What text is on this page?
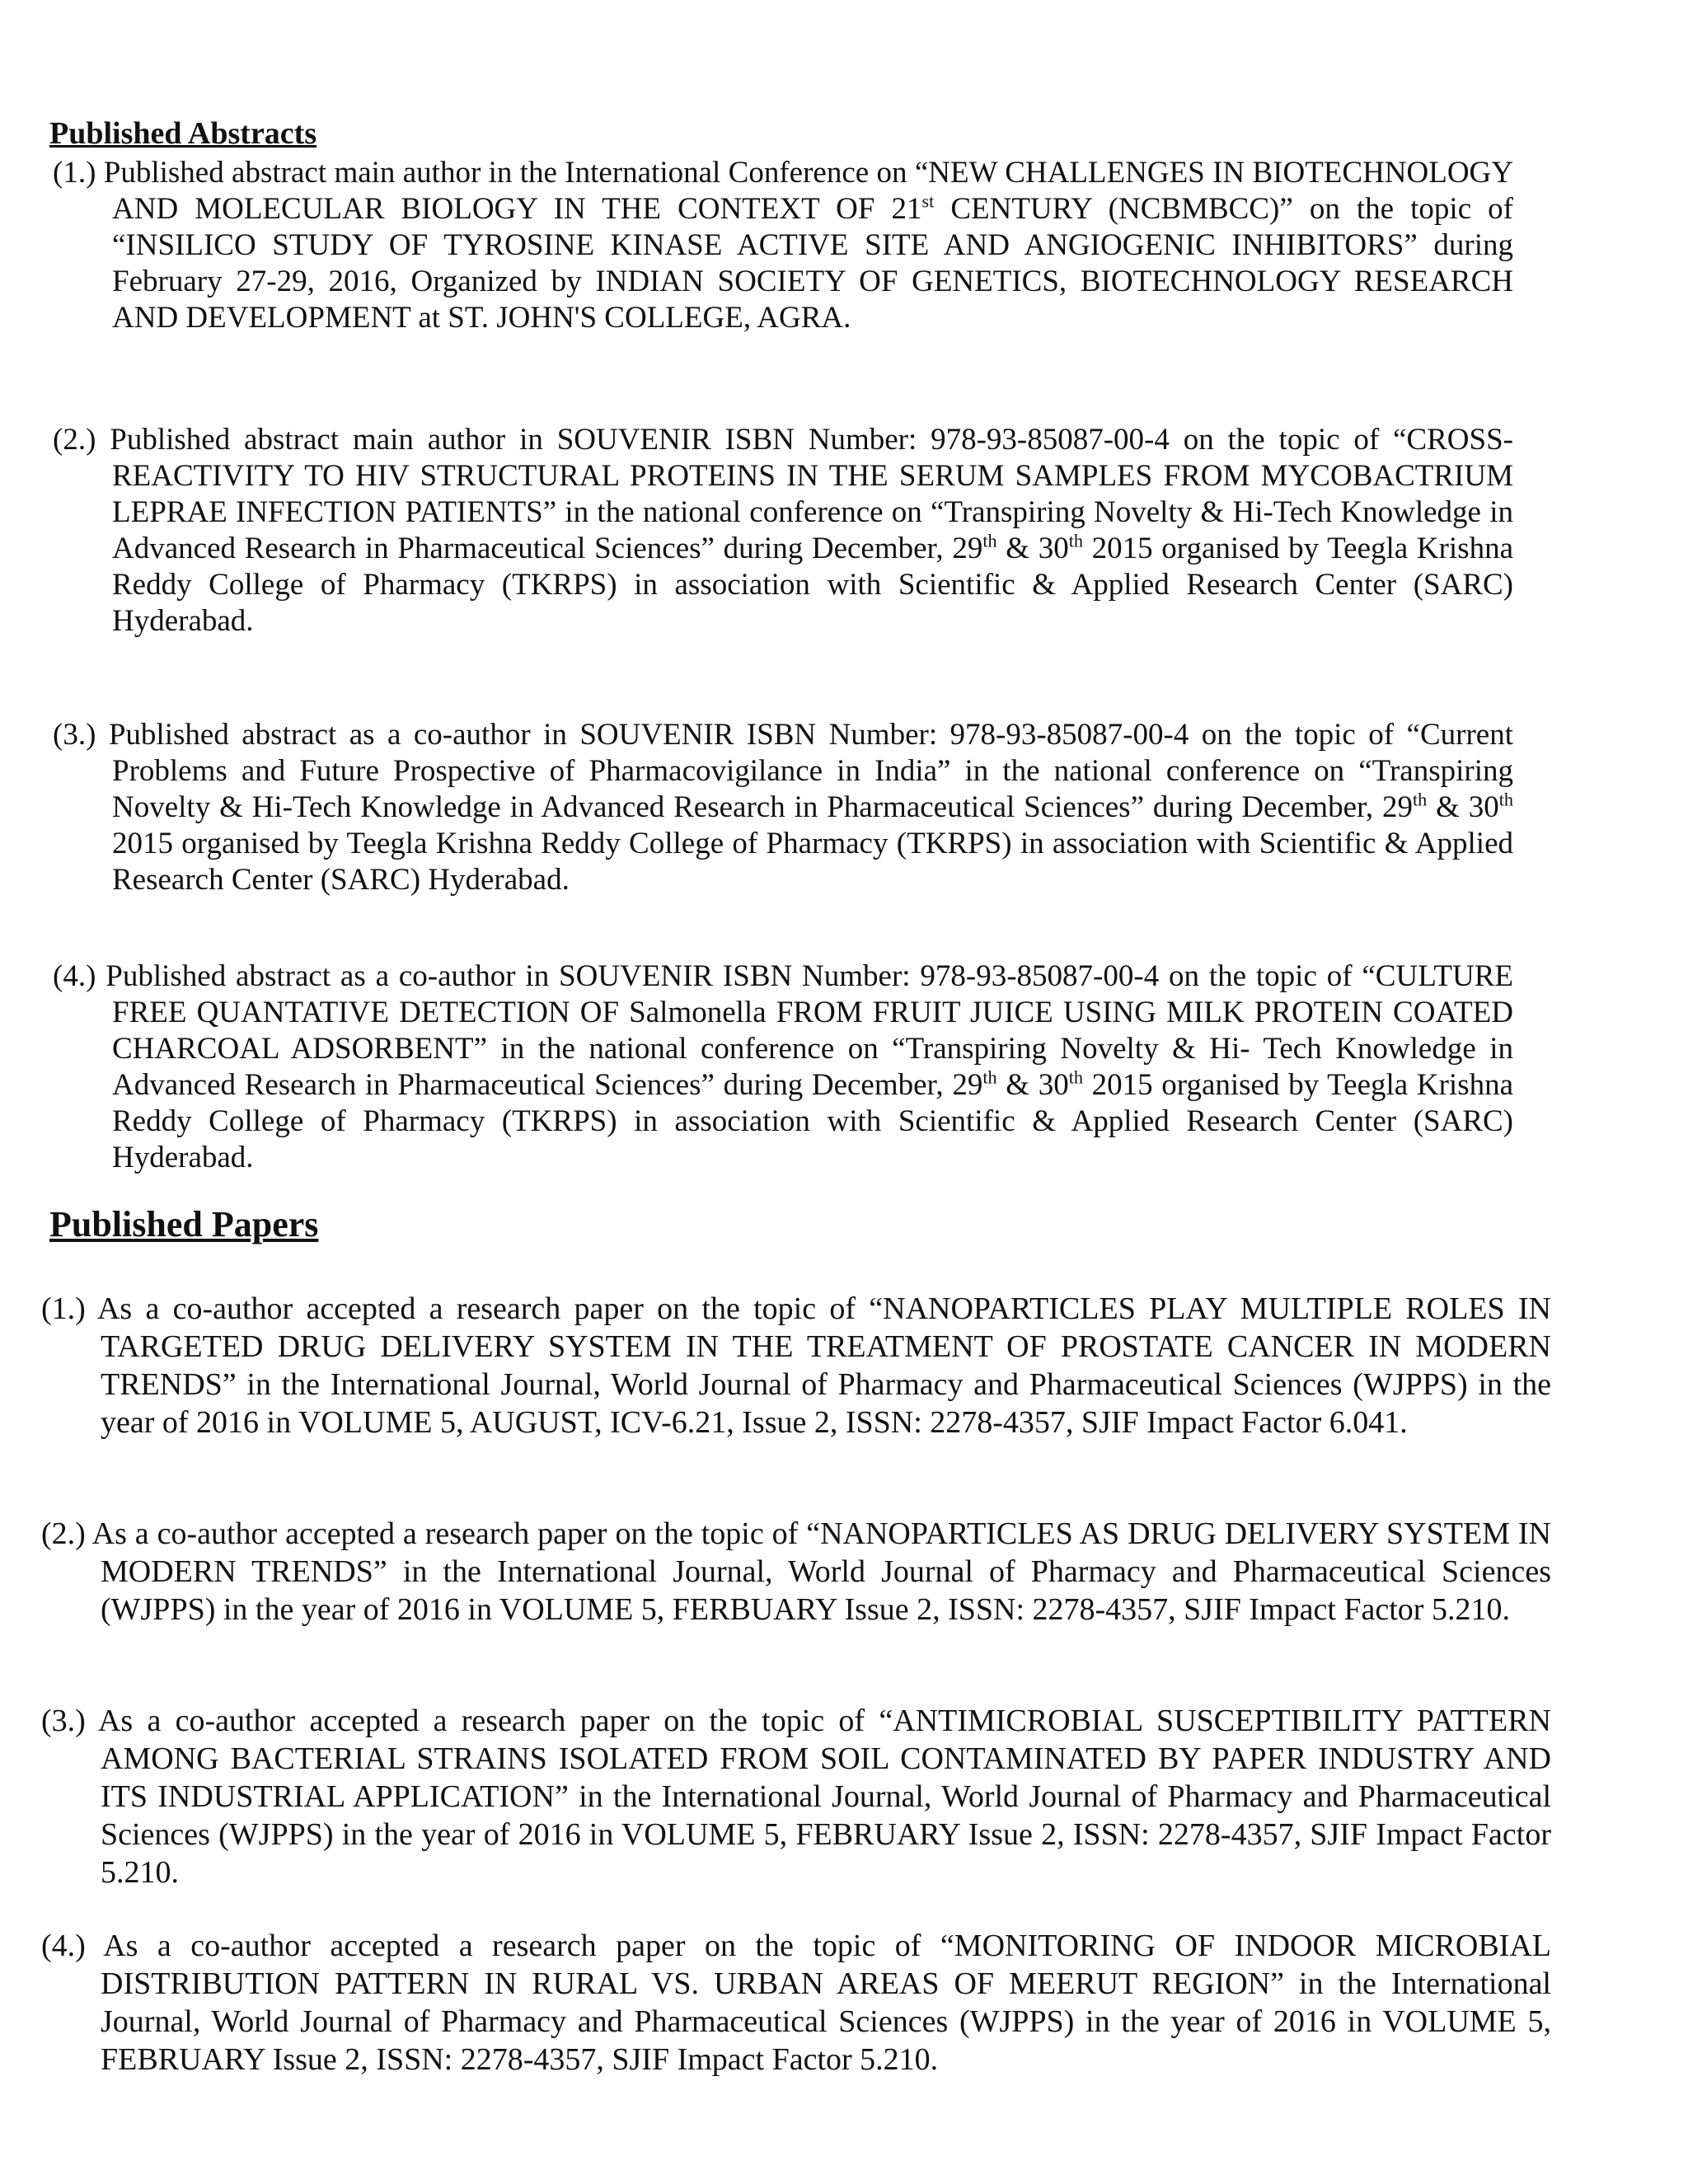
Published Abstracts

(1.) Published abstract main author in the International Conference on “NEW CHALLENGES IN BIOTECHNOLOGY AND MOLECULAR BIOLOGY IN THE CONTEXT OF 21st CENTURY (NCBMBCC)” on the topic of “INSILICO STUDY OF TYROSINE KINASE ACTIVE SITE AND ANGIOGENIC INHIBITORS” during February 27-29, 2016, Organized by INDIAN SOCIETY OF GENETICS, BIOTECHNOLOGY RESEARCH AND DEVELOPMENT at ST. JOHN'S COLLEGE, AGRA.

(2.) Published abstract main author in SOUVENIR ISBN Number: 978-93-85087-00-4 on the topic of “CROSS-REACTIVITY TO HIV STRUCTURAL PROTEINS IN THE SERUM SAMPLES FROM MYCOBACTRIUM LEPRAE INFECTION PATIENTS” in the national conference on “Transpiring Novelty & Hi-Tech Knowledge in Advanced Research in Pharmaceutical Sciences” during December, 29th & 30th 2015 organised by Teegla Krishna Reddy College of Pharmacy (TKRPS) in association with Scientific & Applied Research Center (SARC) Hyderabad.

(3.) Published abstract as a co-author in SOUVENIR ISBN Number: 978-93-85087-00-4 on the topic of “Current Problems and Future Prospective of Pharmacovigilance in India” in the national conference on “Transpiring Novelty & Hi-Tech Knowledge in Advanced Research in Pharmaceutical Sciences” during December, 29th & 30th 2015 organised by Teegla Krishna Reddy College of Pharmacy (TKRPS) in association with Scientific & Applied Research Center (SARC) Hyderabad.

(4.) Published abstract as a co-author in SOUVENIR ISBN Number: 978-93-85087-00-4 on the topic of “CULTURE FREE QUANTATIVE DETECTION OF Salmonella FROM FRUIT JUICE USING MILK PROTEIN COATED CHARCOAL ADSORBENT” in the national conference on “Transpiring Novelty & Hi- Tech Knowledge in Advanced Research in Pharmaceutical Sciences” during December, 29th & 30th 2015 organised by Teegla Krishna Reddy College of Pharmacy (TKRPS) in association with Scientific & Applied Research Center (SARC) Hyderabad.

Published Papers

(1.) As a co-author accepted a research paper on the topic of “NANOPARTICLES PLAY MULTIPLE ROLES IN TARGETED DRUG DELIVERY SYSTEM IN THE TREATMENT OF PROSTATE CANCER IN MODERN TRENDS” in the International Journal, World Journal of Pharmacy and Pharmaceutical Sciences (WJPPS) in the year of 2016 in VOLUME 5, AUGUST, ICV-6.21, Issue 2, ISSN: 2278-4357, SJIF Impact Factor 6.041.

(2.) As a co-author accepted a research paper on the topic of “NANOPARTICLES AS DRUG DELIVERY SYSTEM IN MODERN TRENDS” in the International Journal, World Journal of Pharmacy and Pharmaceutical Sciences (WJPPS) in the year of 2016 in VOLUME 5, FERBUARY Issue 2, ISSN: 2278-4357, SJIF Impact Factor 5.210.

(3.) As a co-author accepted a research paper on the topic of “ANTIMICROBIAL SUSCEPTIBILITY PATTERN AMONG BACTERIAL STRAINS ISOLATED FROM SOIL CONTAMINATED BY PAPER INDUSTRY AND ITS INDUSTRIAL APPLICATION” in the International Journal, World Journal of Pharmacy and Pharmaceutical Sciences (WJPPS) in the year of 2016 in VOLUME 5, FEBRUARY Issue 2, ISSN: 2278-4357, SJIF Impact Factor 5.210.

(4.) As a co-author accepted a research paper on the topic of “MONITORING OF INDOOR MICROBIAL DISTRIBUTION PATTERN IN RURAL VS. URBAN AREAS OF MEERUT REGION” in the International Journal, World Journal of Pharmacy and Pharmaceutical Sciences (WJPPS) in the year of 2016 in VOLUME 5, FEBRUARY Issue 2, ISSN: 2278-4357, SJIF Impact Factor 5.210.
